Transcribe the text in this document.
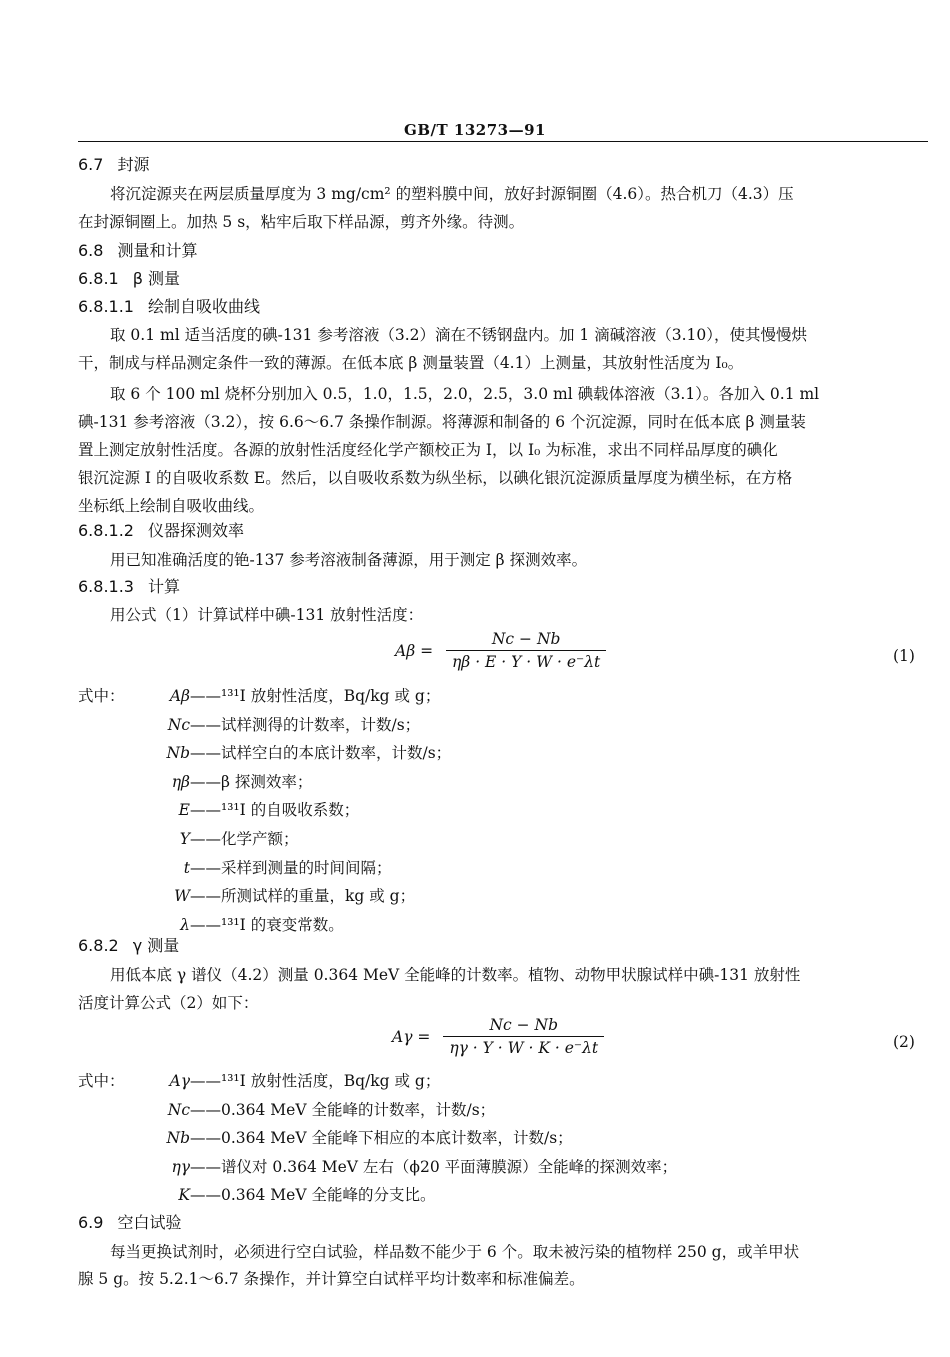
GB/T 13273—91
6.7 封源
将沉淀源夹在两层质量厚度为 3 mg/cm² 的塑料膜中间，放好封源铜圈（4.6）。热合机刀（4.3）压
在封源铜圈上。加热 5 s，粘牢后取下样品源，剪齐外缘。待测。
6.8 测量和计算
6.8.1 β 测量
6.8.1.1 绘制自吸收曲线
取 0.1 ml 适当活度的碘-131 参考溶液（3.2）滴在不锈钢盘内。加 1 滴碱溶液（3.10），使其慢慢烘
干，制成与样品测定条件一致的薄源。在低本底 β 测量装置（4.1）上测量，其放射性活度为 I₀。
取 6 个 100 ml 烧杯分别加入 0.5，1.0，1.5，2.0，2.5，3.0 ml 碘载体溶液（3.1）。各加入 0.1 ml
碘-131 参考溶液（3.2），按 6.6～6.7 条操作制源。将薄源和制备的 6 个沉淀源，同时在低本底 β 测量装
置上测定放射性活度。各源的放射性活度经化学产额校正为 I，以 I₀ 为标准，求出不同样品厚度的碘化
银沉淀源 I 的自吸收系数 E。然后，以自吸收系数为纵坐标，以碘化银沉淀源质量厚度为横坐标，在方格
坐标纸上绘制自吸收曲线。
6.8.1.2 仪器探测效率
用已知准确活度的铯-137 参考溶液制备薄源，用于测定 β 探测效率。
6.8.1.3 计算
用公式（1）计算试样中碘-131 放射性活度：
$A\beta = \frac{Nc - Nb}{\eta\beta \cdot E \cdot Y \cdot W \cdot e^-\lambda t}$	(1)
式中：	Aβ——¹³¹I 放射性活度，Bq/kg 或 g；
Nc——试样测得的计数率，计数/s；
Nb——试样空白的本底计数率，计数/s；
ηβ——β 探测效率；
E——¹³¹I 的自吸收系数；
Y——化学产额；
t——采样到测量的时间间隔；
W——所测试样的重量，kg 或 g；
λ——¹³¹I 的衰变常数。
6.8.2 γ 测量
用低本底 γ 谱仪（4.2）测量 0.364 MeV 全能峰的计数率。植物、动物甲状腺试样中碘-131 放射性
活度计算公式（2）如下：
$A\gamma = \frac{Nc - Nb}{\eta\gamma \cdot Y \cdot W \cdot K \cdot e^-\lambda t}$	(2)
式中：	Aγ——¹³¹I 放射性活度，Bq/kg 或 g；
Nc——0.364 MeV 全能峰的计数率，计数/s；
Nb——0.364 MeV 全能峰下相应的本底计数率，计数/s；
ηγ——谱仪对 0.364 MeV 左右（ϕ20 平面薄膜源）全能峰的探测效率；
K——0.364 MeV 全能峰的分支比。
6.9 空白试验
每当更换试剂时，必须进行空白试验，样品数不能少于 6 个。取未被污染的植物样 250 g，或羊甲状
腺 5 g。按 5.2.1～6.7 条操作，并计算空白试样平均计数率和标准偏差。
